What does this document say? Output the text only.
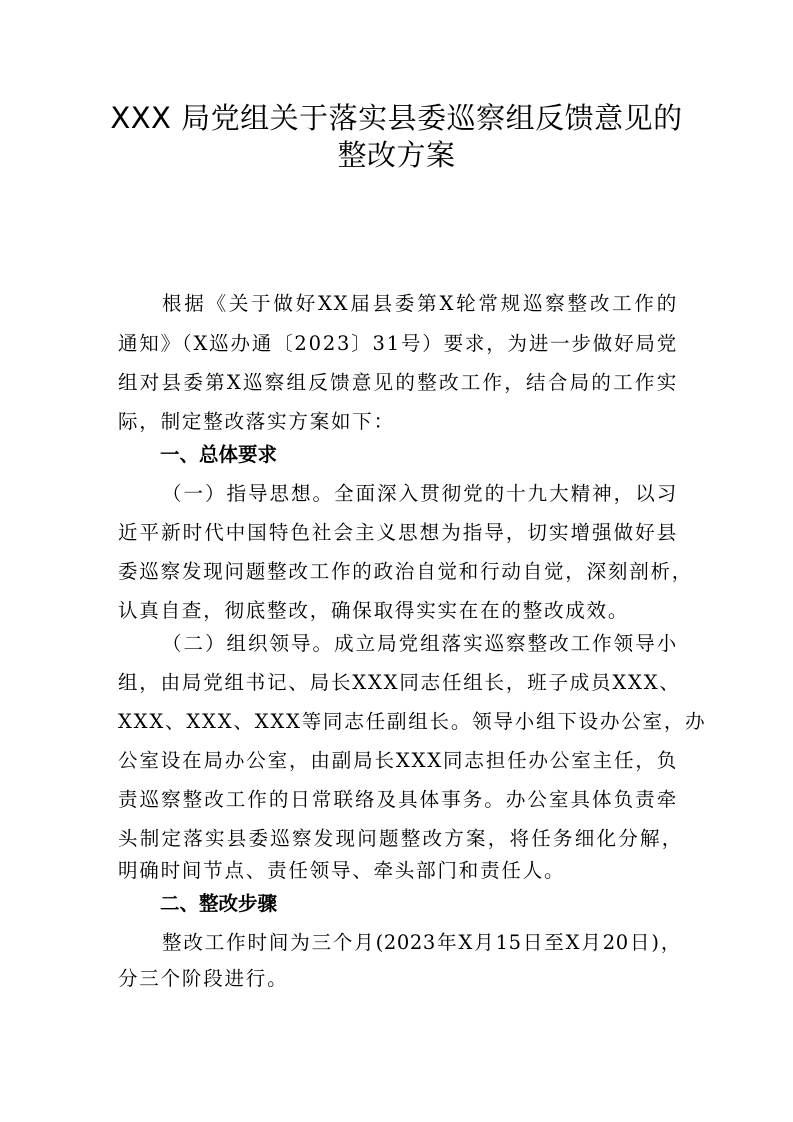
XXX 局党组关于落实县委巡察组反馈意见的
整改方案
根据《关于做好XX届县委第X轮常规巡察整改工作的
通知》（X巡办通〔2023〕31号）要求，为进一步做好局党
组对县委第X巡察组反馈意见的整改工作，结合局的工作实
际，制定整改落实方案如下：
一、总体要求
（一）指导思想。全面深入贯彻党的十九大精神，以习
近平新时代中国特色社会主义思想为指导，切实增强做好县
委巡察发现问题整改工作的政治自觉和行动自觉，深刻剖析，
认真自查，彻底整改，确保取得实实在在的整改成效。
（二）组织领导。成立局党组落实巡察整改工作领导小
组，由局党组书记、局长XXX同志任组长，班子成员XXX、
XXX、XXX、XXX等同志任副组长。领导小组下设办公室，办
公室设在局办公室，由副局长XXX同志担任办公室主任，负
责巡察整改工作的日常联络及具体事务。办公室具体负责牵
头制定落实县委巡察发现问题整改方案，将任务细化分解，
明确时间节点、责任领导、牵头部门和责任人。
二、整改步骤
整改工作时间为三个月(2023年X月15日至X月20日)，
分三个阶段进行。
